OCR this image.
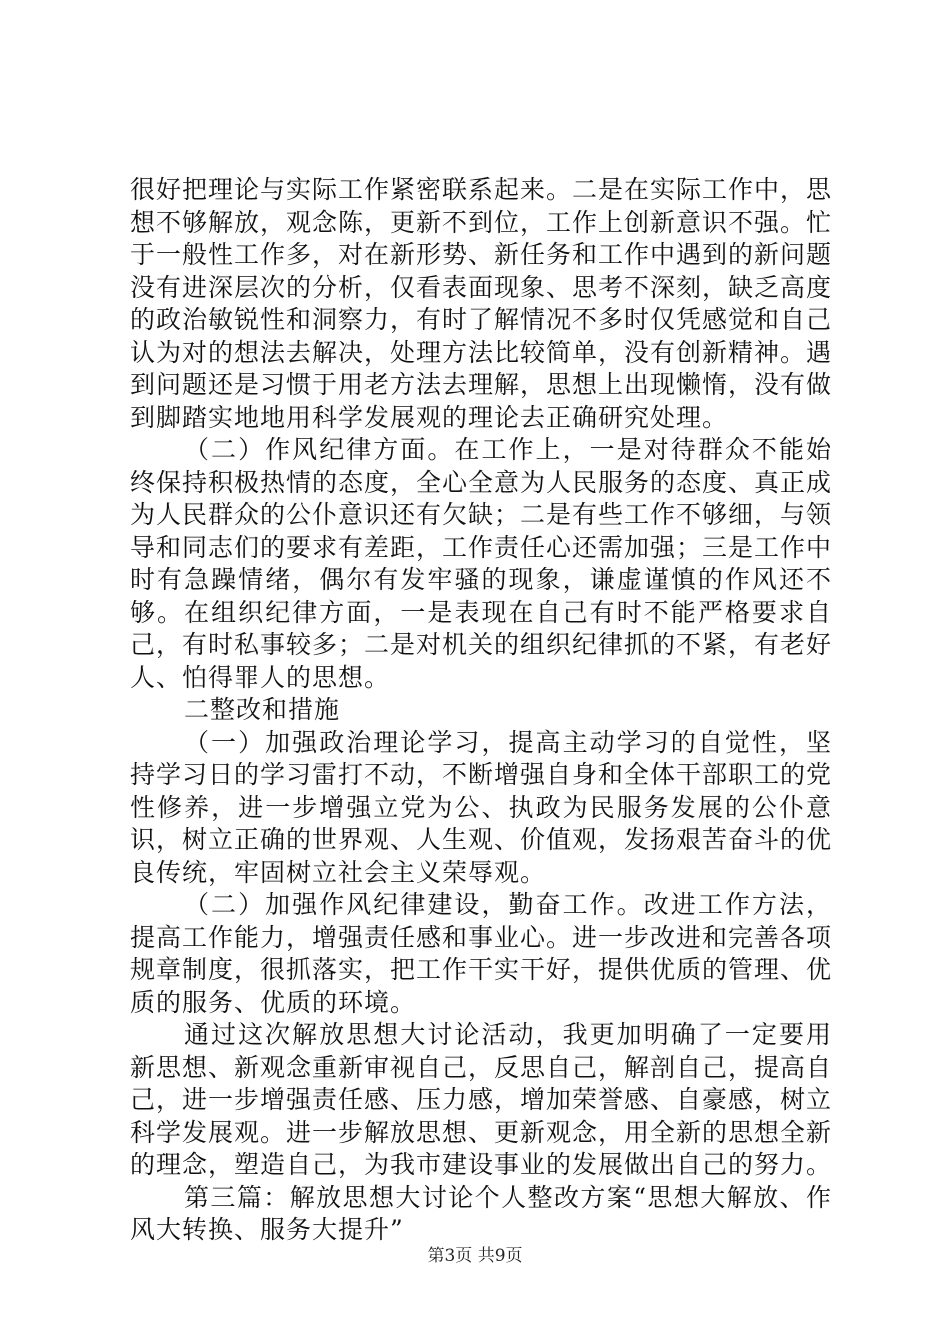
很好把理论与实际工作紧密联系起来。二是在实际工作中，思想不够解放，观念陈，更新不到位，工作上创新意识不强。忙于一般性工作多，对在新形势、新任务和工作中遇到的新问题没有进深层次的分析，仅看表面现象、思考不深刻，缺乏高度的政治敏锐性和洞察力，有时了解情况不多时仅凭感觉和自己认为对的想法去解决，处理方法比较简单，没有创新精神。遇到问题还是习惯于用老方法去理解，思想上出现懒惰，没有做到脚踏实地地用科学发展观的理论去正确研究处理。

（二）作风纪律方面。在工作上，一是对待群众不能始终保持积极热情的态度，全心全意为人民服务的态度、真正成为人民群众的公仆意识还有欠缺；二是有些工作不够细，与领导和同志们的要求有差距，工作责任心还需加强；三是工作中时有急躁情绪，偶尔有发牢骚的现象，谦虚谨慎的作风还不够。在组织纪律方面，一是表现在自己有时不能严格要求自己，有时私事较多；二是对机关的组织纪律抓的不紧，有老好人、怕得罪人的思想。

二整改和措施

（一）加强政治理论学习，提高主动学习的自觉性，坚持学习日的学习雷打不动，不断增强自身和全体干部职工的党性修养，进一步增强立党为公、执政为民服务发展的公仆意识，树立正确的世界观、人生观、价值观，发扬艰苦奋斗的优良传统，牢固树立社会主义荣辱观。

（二）加强作风纪律建设，勤奋工作。改进工作方法，提高工作能力，增强责任感和事业心。进一步改进和完善各项规章制度，很抓落实，把工作干实干好，提供优质的管理、优质的服务、优质的环境。

通过这次解放思想大讨论活动，我更加明确了一定要用新思想、新观念重新审视自己，反思自己，解剖自己，提高自己，进一步增强责任感、压力感，增加荣誉感、自豪感，树立科学发展观。进一步解放思想、更新观念，用全新的思想全新的理念，塑造自己，为我市建设事业的发展做出自己的努力。

第三篇：解放思想大讨论个人整改方案“思想大解放、作风大转换、服务大提升”

第3页 共9页
